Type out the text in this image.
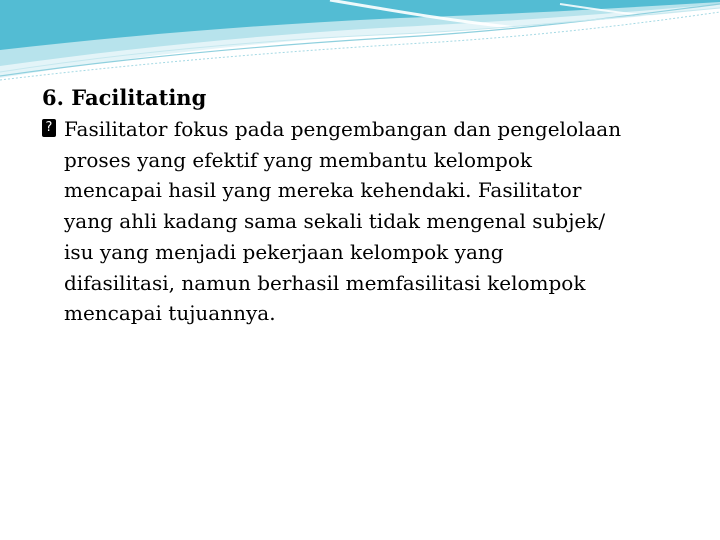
6. Facilitating
? Fasilitator fokus pada pengembangan dan pengelolaan
proses yang efektif yang membantu kelompok
mencapai hasil yang mereka kehendaki. Fasilitator
yang ahli kadang sama sekali tidak mengenal subjek/
isu yang menjadi pekerjaan kelompok yang
difasilitasi, namun berhasil memfasilitasi kelompok
mencapai tujuannya.
